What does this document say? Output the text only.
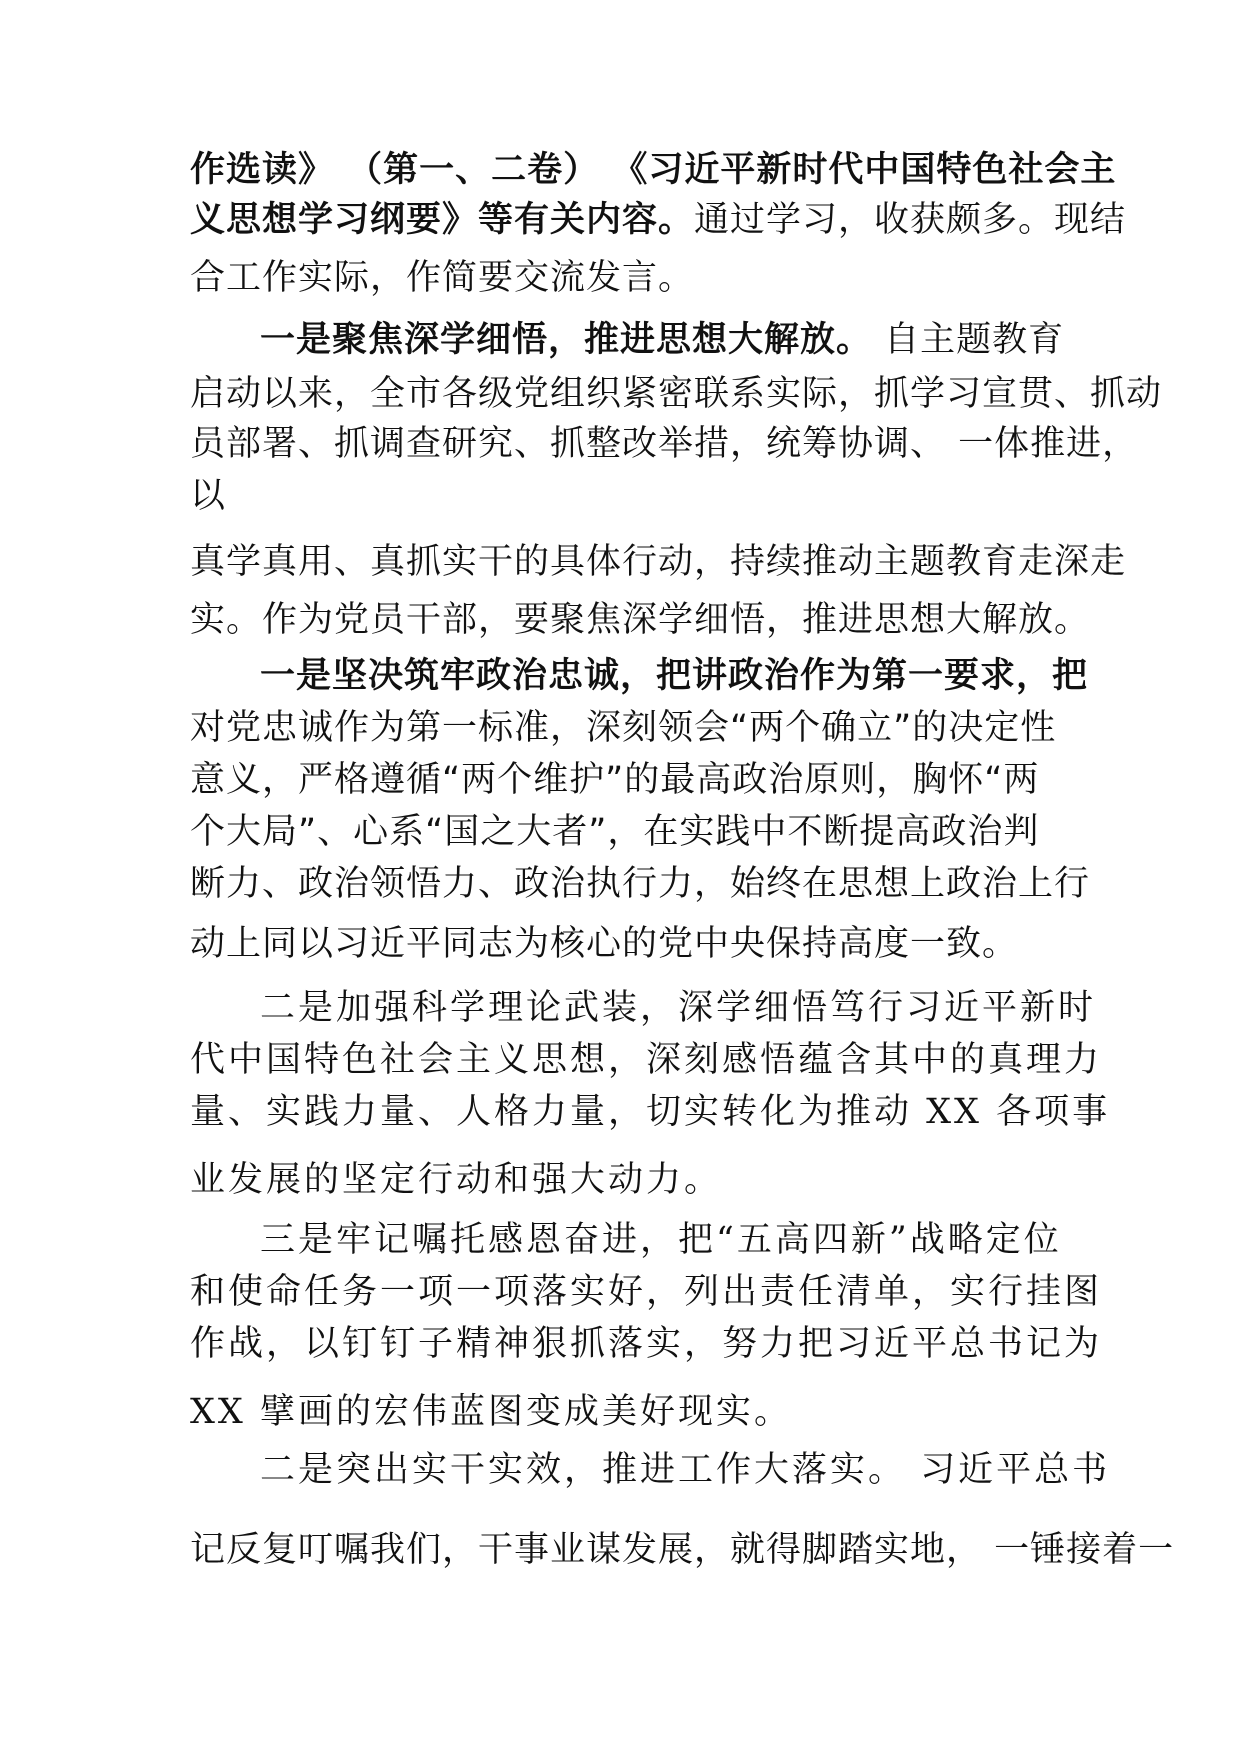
作选读》 （第一、二卷） 《习近平新时代中国特色社会主
义思想学习纲要》等有关内容。通过学习，收获颇多。现结
合工作实际，作简要交流发言。
一是聚焦深学细悟，推进思想大解放。 自主题教育
启动以来，全市各级党组织紧密联系实际，抓学习宣贯、抓动
员部署、抓调查研究、抓整改举措，统筹协调、 一体推进，
以
真学真用、真抓实干的具体行动，持续推动主题教育走深走
实。作为党员干部，要聚焦深学细悟，推进思想大解放。
一是坚决筑牢政治忠诚，把讲政治作为第一要求，把
对党忠诚作为第一标准，深刻领会“两个确立”的决定性
意义，严格遵循“两个维护”的最高政治原则，胸怀“两
个大局”、心系“国之大者”，在实践中不断提高政治判
断力、政治领悟力、政治执行力，始终在思想上政治上行
动上同以习近平同志为核心的党中央保持高度一致。
二是加强科学理论武装，深学细悟笃行习近平新时
代中国特色社会主义思想，深刻感悟蕴含其中的真理力
量、实践力量、人格力量，切实转化为推动 XX 各项事
业发展的坚定行动和强大动力。
三是牢记嘱托感恩奋进，把“五高四新”战略定位
和使命任务一项一项落实好，列出责任清单，实行挂图
作战，以钉钉子精神狠抓落实，努力把习近平总书记为
XX 擘画的宏伟蓝图变成美好现实。
二是突出实干实效，推进工作大落实。 习近平总书
记反复叮嘱我们，干事业谋发展，就得脚踏实地， 一锤接着一
